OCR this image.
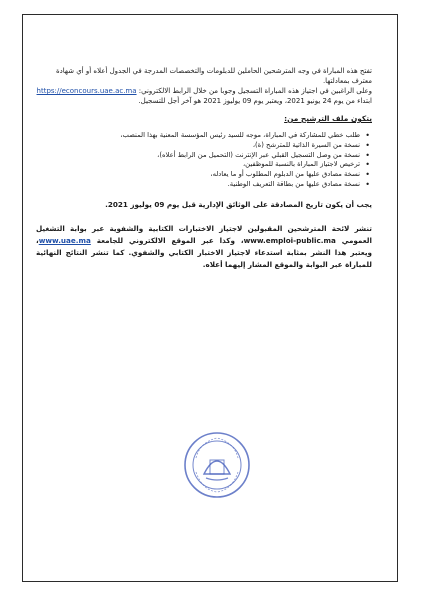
تفتح هذه المباراة في وجه المترشحين الحاملين للدبلومات والتخصصات المدرجة في الجدول أعلاه أو أي شهادة

معترف بمعادلتها.

وعلى الراغبين في اجتياز هذه المباراة التسجيل وجوبا من خلال الرابط الالكتروني: https://econcours.uae.ac.ma

ابتداء من يوم 24 يونيو 2021، ويعتبر يوم 09 يوليوز 2021 هو آخر أجل للتسجيل.

يتكون ملف الترشيح من:

• طلب خطي للمشاركة في المباراة، موجه للسيد رئيس المؤسسة المعنية بهذا المنصب،
• نسخة من السيرة الذاتية للمترشح (ة)،
• نسخة من وصل التسجيل القبلي عبر الإنترنت (التحميل من الرابط أعلاه)،
• ترخيص لاجتياز المباراة بالنسبة للموظفين،
• نسخة مصادق عليها من الدبلوم المطلوب أو ما يعادله،
• نسخة مصادق عليها من بطاقة التعريف الوطنية.

يجب أن يكون تاريخ المصادقة على الوثائق الإدارية قبل يوم 09 يوليوز 2021.

تنشر لائحة المترشحين المقبولين لاجتياز الاختبارات الكتابية والشفوية عبر بوابة التشغيل العمومي www.emploi-public.ma، وكذا عبر الموقع الالكتروني للجامعة www.uae.ma، ويعتبر هذا النشر بمثابة استدعاء لاجتياز الاختبار الكتابي والشفوي. كما تنشر النتائج النهائية للمباراة عبر البوابة والموقع المشار إليهما أعلاه.
